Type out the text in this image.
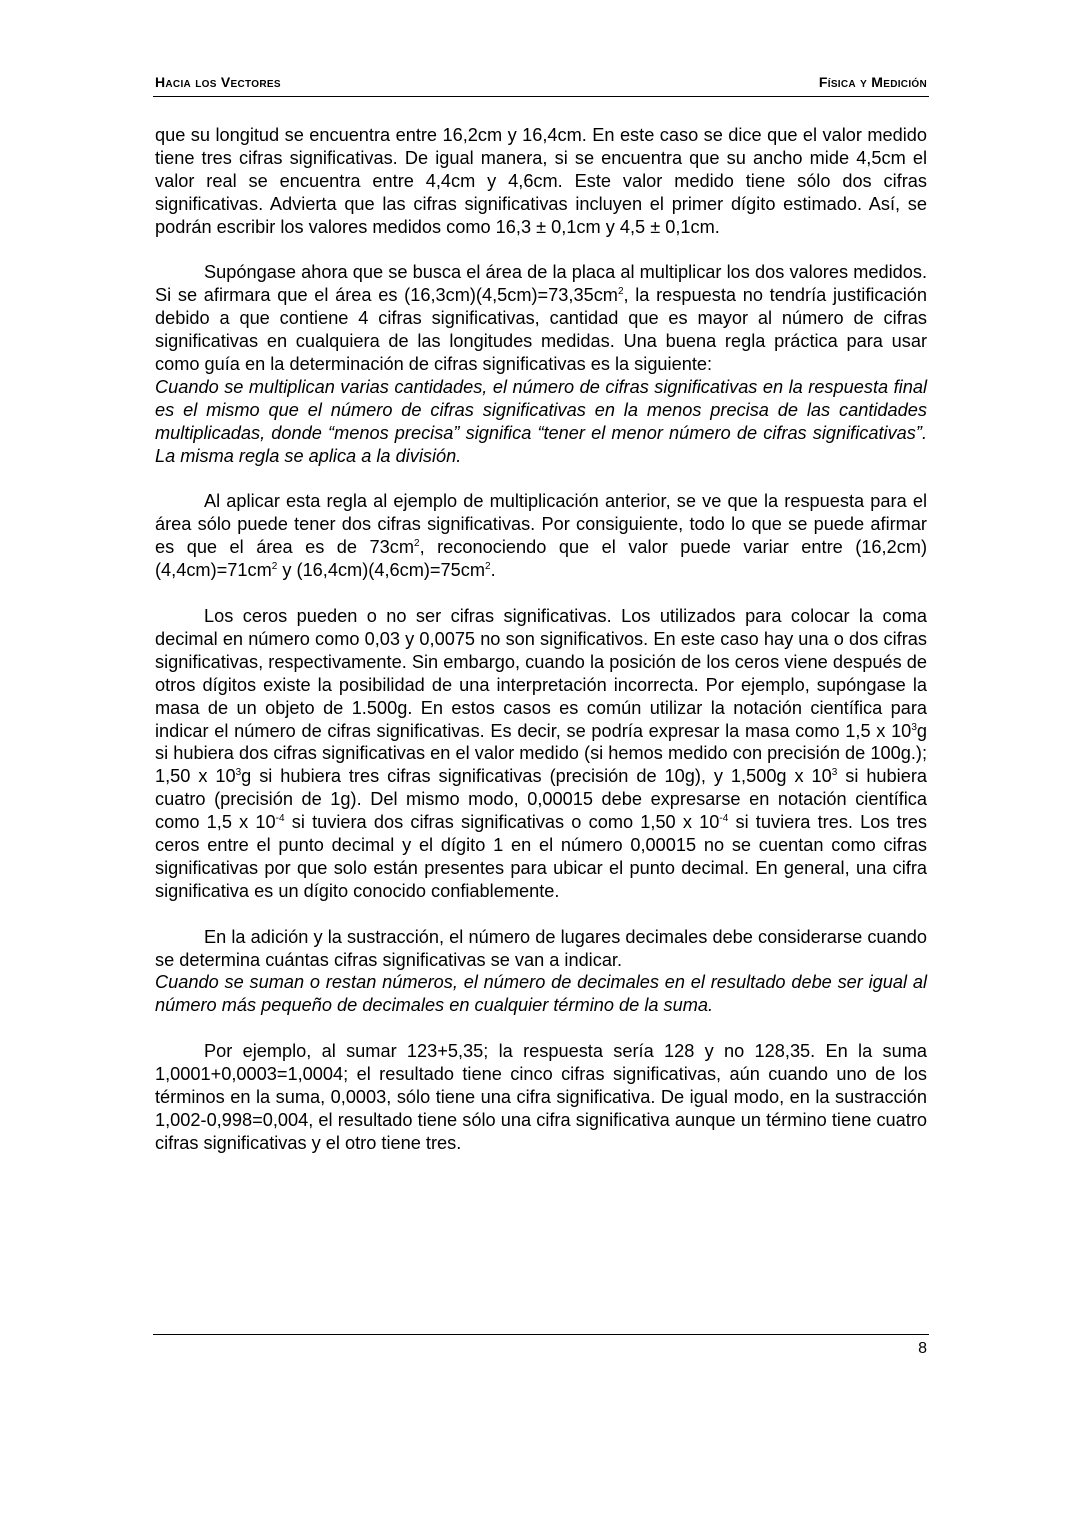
Hacia los Vectores	Física y Medición

que su longitud se encuentra entre 16,2cm y 16,4cm. En este caso se dice que el valor medido tiene tres cifras significativas. De igual manera, si se encuentra que su ancho mide 4,5cm el valor real se encuentra entre 4,4cm y 4,6cm. Este valor medido tiene sólo dos cifras significativas. Advierta que las cifras significativas incluyen el primer dígito estimado. Así, se podrán escribir los valores medidos como 16,3 ± 0,1cm y 4,5 ± 0,1cm.

Supóngase ahora que se busca el área de la placa al multiplicar los dos valores medidos. Si se afirmara que el área es $(16,3cm)(4,5cm)=73,35cm^2$, la respuesta no tendría justificación debido a que contiene 4 cifras significativas, cantidad que es mayor al número de cifras significativas en cualquiera de las longitudes medidas. Una buena regla práctica para usar como guía en la determinación de cifras significativas es la siguiente:

Cuando se multiplican varias cantidades, el número de cifras significativas en la respuesta final es el mismo que el número de cifras significativas en la menos precisa de las cantidades multiplicadas, donde “menos precisa” significa “tener el menor número de cifras significativas”. La misma regla se aplica a la división.

Al aplicar esta regla al ejemplo de multiplicación anterior, se ve que la respuesta para el área sólo puede tener dos cifras significativas. Por consiguiente, todo lo que se puede afirmar es que el área es de $73cm^2$, reconociendo que el valor puede variar entre $(16,2cm)(4,4cm)=71cm^2$ y $(16,4cm)(4,6cm)=75cm^2$.

Los ceros pueden o no ser cifras significativas. Los utilizados para colocar la coma decimal en número como 0,03 y 0,0075 no son significativos. En este caso hay una o dos cifras significativas, respectivamente. Sin embargo, cuando la posición de los ceros viene después de otros dígitos existe la posibilidad de una interpretación incorrecta. Por ejemplo, supóngase la masa de un objeto de 1.500g. En estos casos es común utilizar la notación científica para indicar el número de cifras significativas. Es decir, se podría expresar la masa como 1,5 x $10^3g$ si hubiera dos cifras significativas en el valor medido (si hemos medido con precisión de 100g.); 1,50 x $10^3g$ si hubiera tres cifras significativas (precisión de 10g), y 1,500g x $10^3$ si hubiera cuatro (precisión de 1g). Del mismo modo, 0,00015 debe expresarse en notación científica como 1,5 x $10^{-4}$ si tuviera dos cifras significativas o como 1,50 x $10^{-4}$ si tuviera tres. Los tres ceros entre el punto decimal y el dígito 1 en el número 0,00015 no se cuentan como cifras significativas por que solo están presentes para ubicar el punto decimal. En general, una cifra significativa es un dígito conocido confiablemente.

En la adición y la sustracción, el número de lugares decimales debe considerarse cuando se determina cuántas cifras significativas se van a indicar.

Cuando se suman o restan números, el número de decimales en el resultado debe ser igual al número más pequeño de decimales en cualquier término de la suma.

Por ejemplo, al sumar 123+5,35; la respuesta sería 128 y no 128,35. En la suma 1,0001+0,0003=1,0004; el resultado tiene cinco cifras significativas, aún cuando uno de los términos en la suma, 0,0003, sólo tiene una cifra significativa. De igual modo, en la sustracción 1,002-0,998=0,004, el resultado tiene sólo una cifra significativa aunque un término tiene cuatro cifras significativas y el otro tiene tres.

8
